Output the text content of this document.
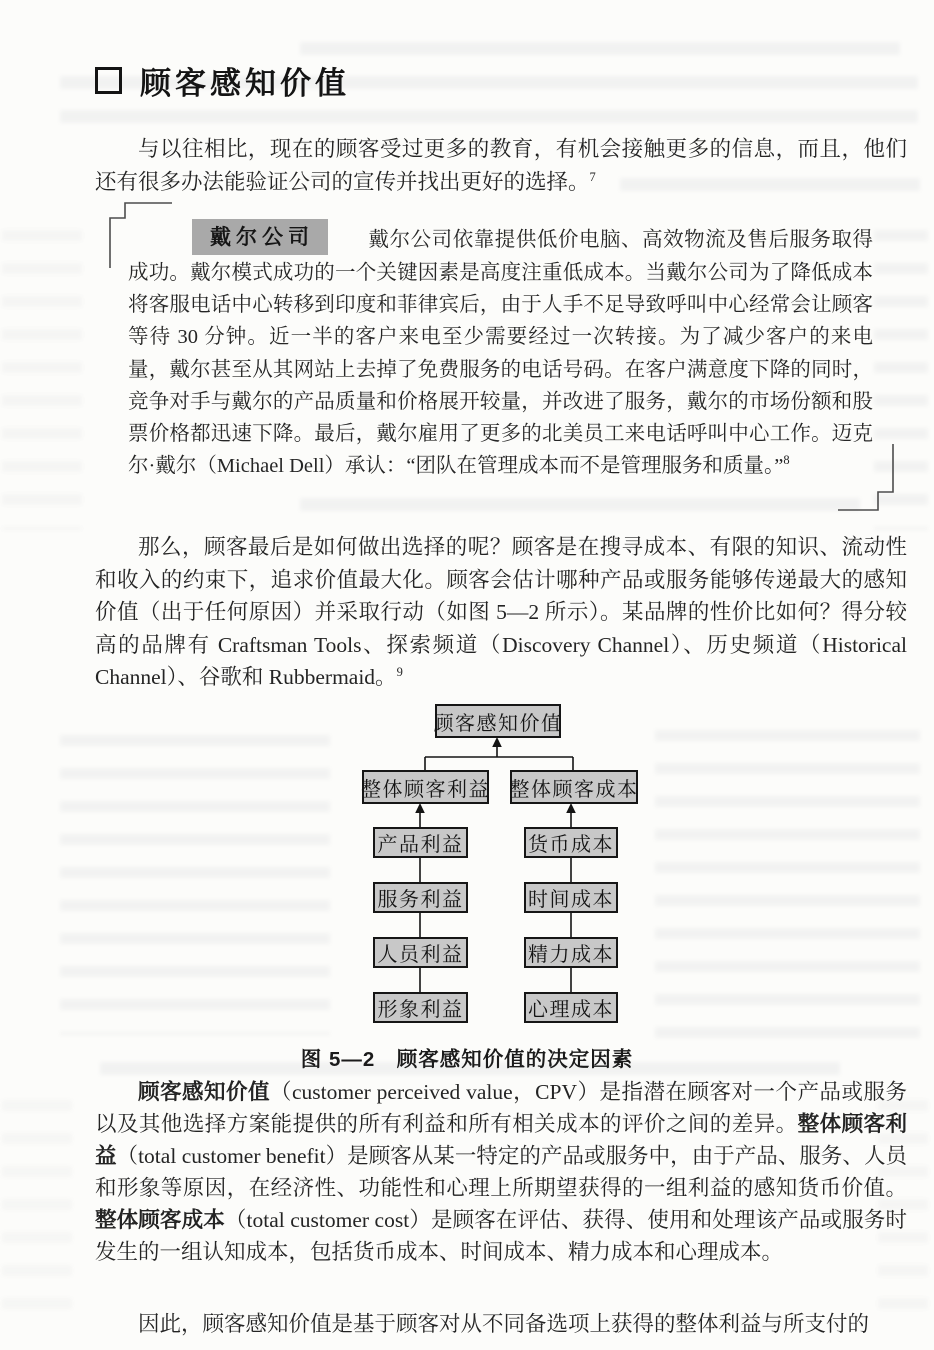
顾客感知价值

与以往相比，现在的顾客受过更多的教育，有机会接触更多的信息，而且，他们还有很多办法能验证公司的宣传并找出更好的选择。$^7$

戴尔公司	戴尔公司依靠提供低价电脑、高效物流及售后服务取得成功。戴尔模式成功的一个关键因素是高度注重低成本。当戴尔公司为了降低成本将客服电话中心转移到印度和菲律宾后，由于人手不足导致呼叫中心经常会让顾客等待 30 分钟。近一半的客户来电至少需要经过一次转接。为了减少客户的来电量，戴尔甚至从其网站上去掉了免费服务的电话号码。在客户满意度下降的同时，竞争对手与戴尔的产品质量和价格展开较量，并改进了服务，戴尔的市场份额和股票价格都迅速下降。最后，戴尔雇用了更多的北美员工来电话呼叫中心工作。迈克尔·戴尔（Michael Dell）承认：“团队在管理成本而不是管理服务和质量。”$^8$

那么，顾客最后是如何做出选择的呢？顾客是在搜寻成本、有限的知识、流动性和收入的约束下，追求价值最大化。顾客会估计哪种产品或服务能够传递最大的感知价值（出于任何原因）并采取行动（如图 5—2 所示）。某品牌的性价比如何？得分较高的品牌有 Craftsman Tools、探索频道（Discovery Channel）、历史频道（Historical Channel）、谷歌和 Rubbermaid。$^9$

顾客感知价值
整体顾客利益 整体顾客成本
产品利益
服务利益
人员利益
形象利益
货币成本
时间成本
精力成本
心理成本

图 5—2　顾客感知价值的决定因素

顾客感知价值（customer perceived value，CPV）是指潜在顾客对一个产品或服务以及其他选择方案能提供的所有利益和所有相关成本的评价之间的差异。整体顾客利益（total customer benefit）是顾客从某一特定的产品或服务中，由于产品、服务、人员和形象等原因，在经济性、功能性和心理上所期望获得的一组利益的感知货币价值。整体顾客成本（total customer cost）是顾客在评估、获得、使用和处理该产品或服务时发生的一组认知成本，包括货币成本、时间成本、精力成本和心理成本。

因此，顾客感知价值是基于顾客对从不同备选项上获得的整体利益与所支付的
